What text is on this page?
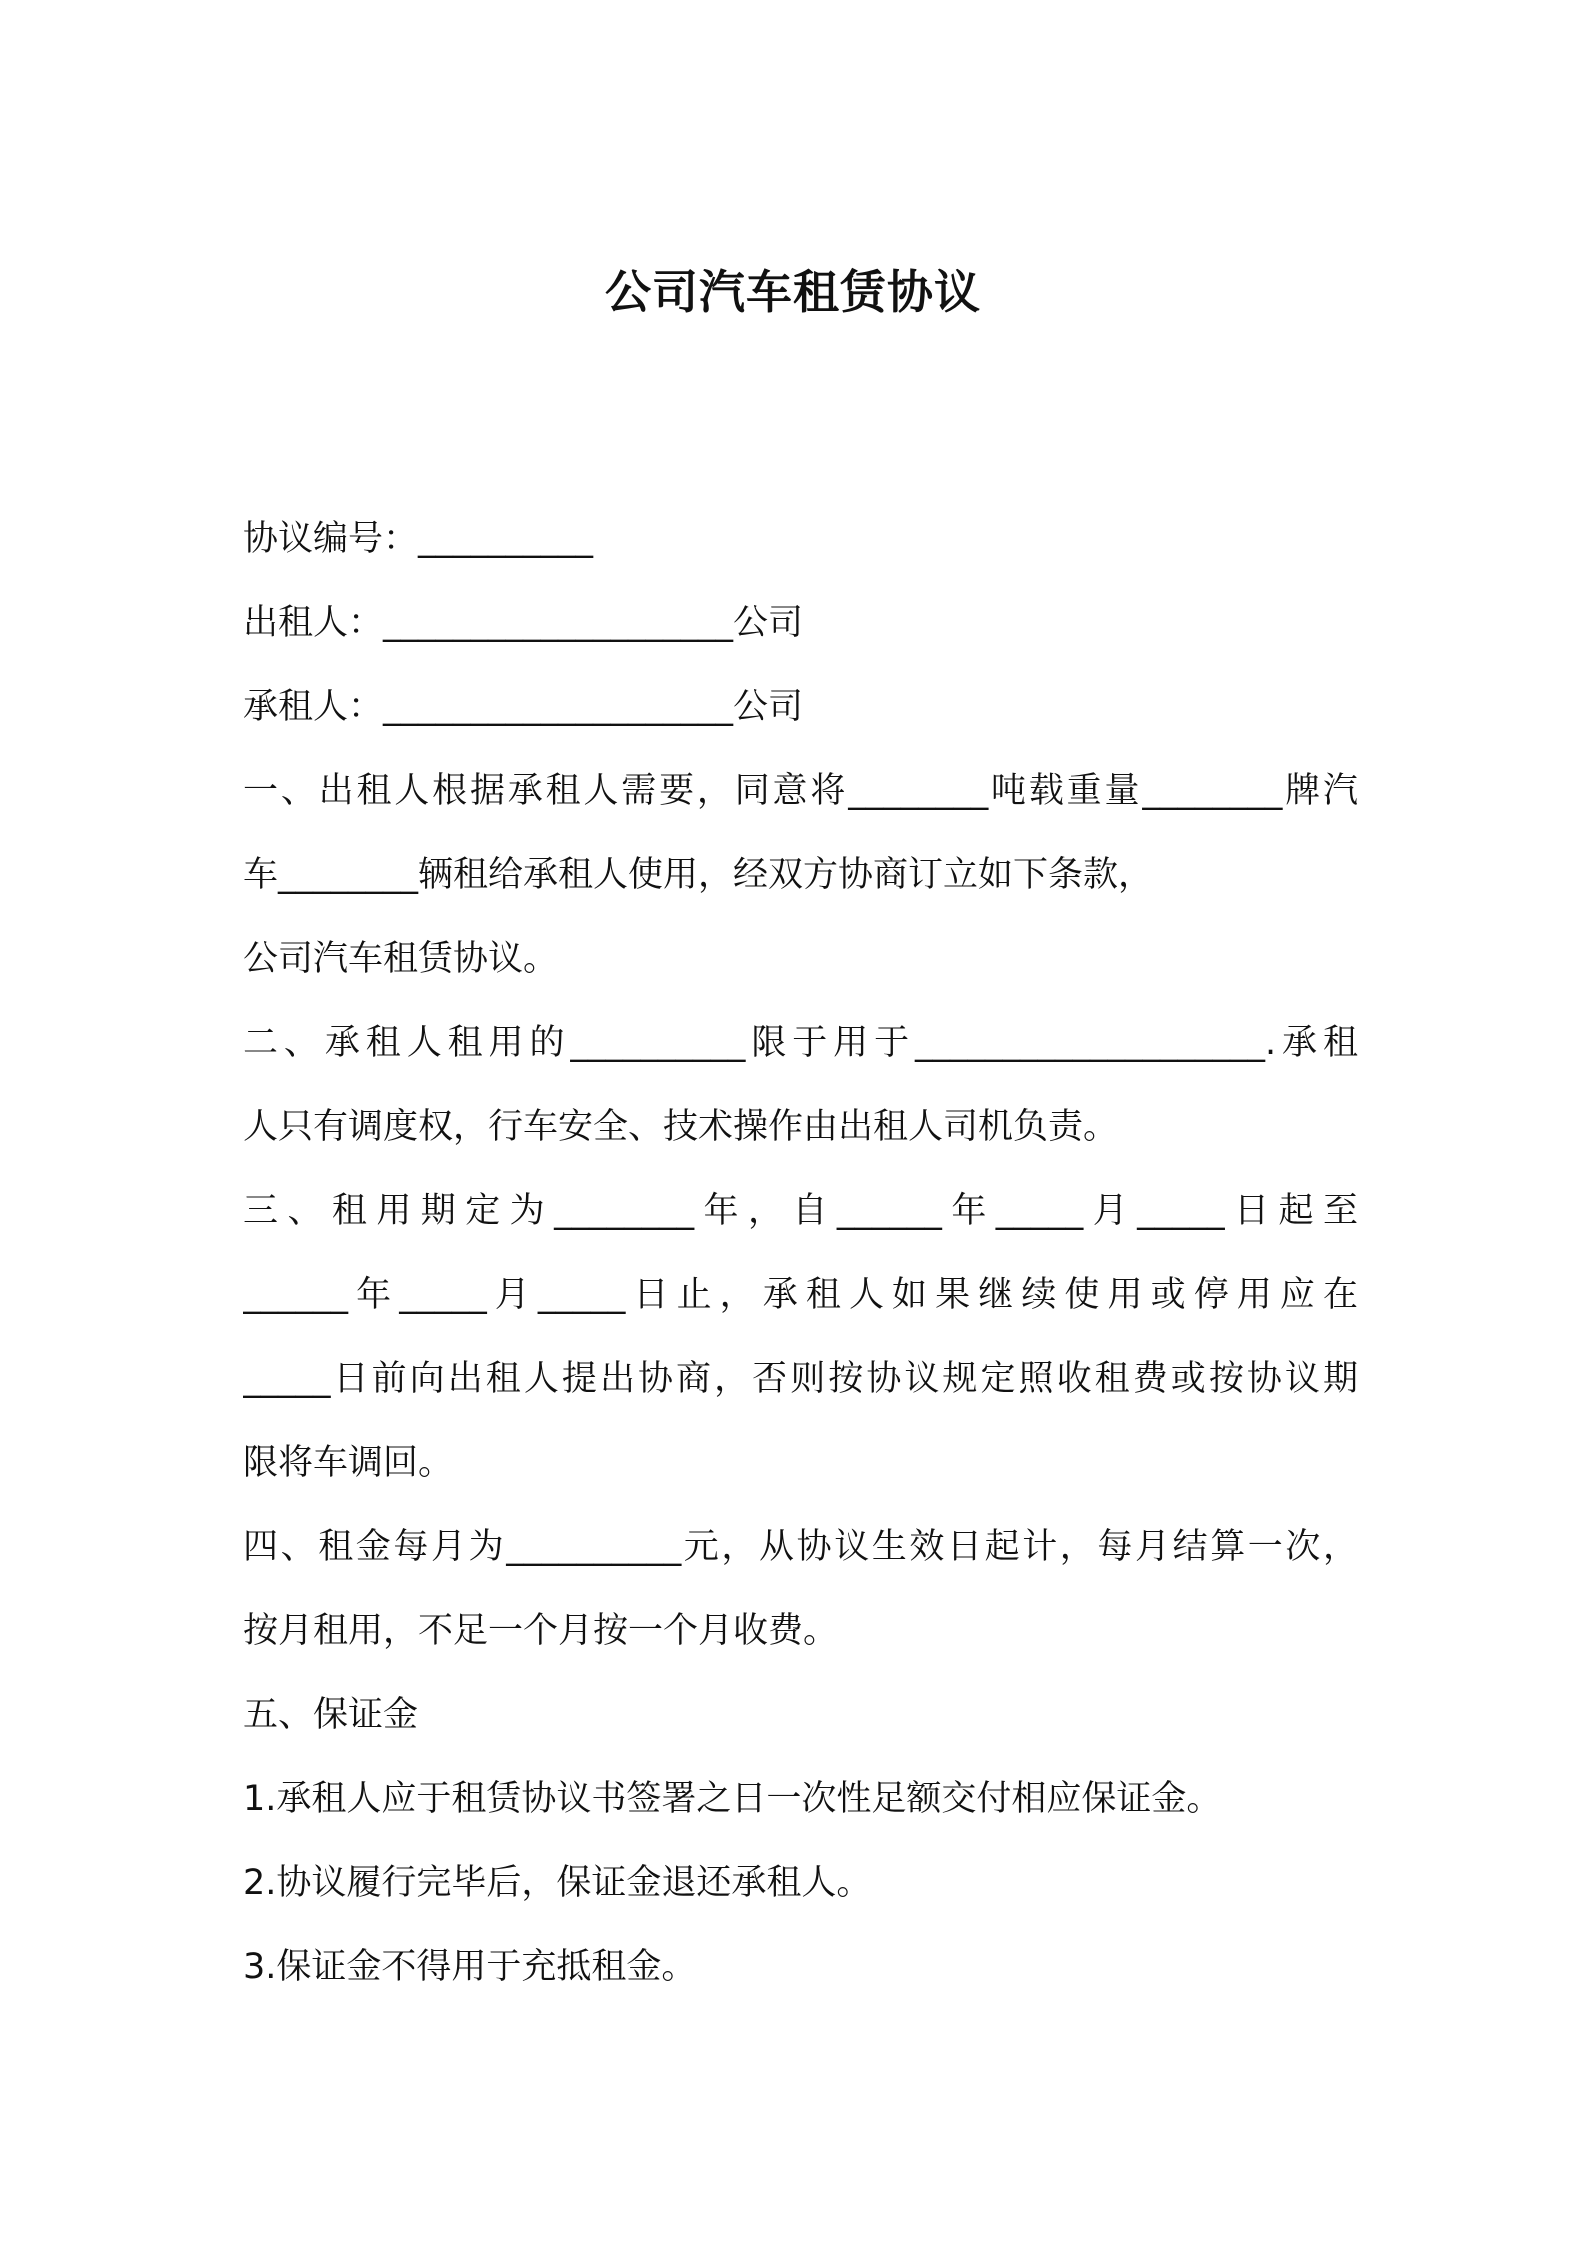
公司汽车租赁协议
协议编号：__________
出租人：____________________公司
承租人：____________________公司
一、出租人根据承租人需要，同意将________吨载重量________牌汽
车________辆租给承租人使用，经双方协商订立如下条款，
公司汽车租赁协议。
二、承租人租用的__________限于用于____________________.承租
人只有调度权，行车安全、技术操作由出租人司机负责。
三、租用期定为________年，自______年_____月_____日起至
______年_____月_____日止，承租人如果继续使用或停用应在
_____日前向出租人提出协商，否则按协议规定照收租费或按协议期
限将车调回。
四、租金每月为__________元，从协议生效日起计，每月结算一次，
按月租用，不足一个月按一个月收费。
五、保证金
1.承租人应于租赁协议书签署之日一次性足额交付相应保证金。
2.协议履行完毕后，保证金退还承租人。
3.保证金不得用于充抵租金。
